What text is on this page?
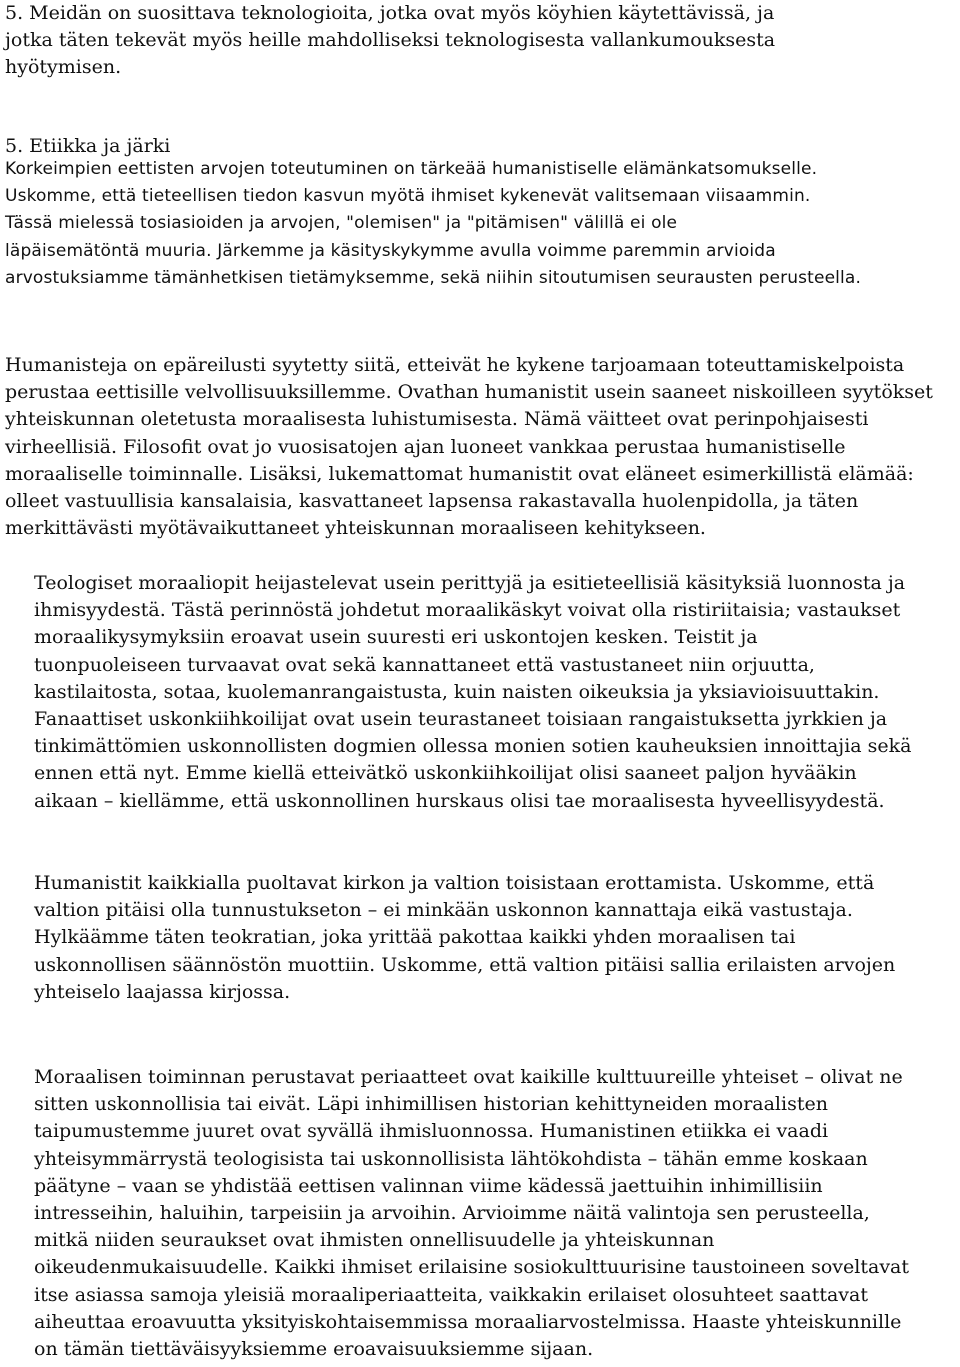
5. Meidän on suosittava teknologioita, jotka ovat myös köyhien käytettävissä, ja
jotka täten tekevät myös heille mahdolliseksi teknologisesta vallankumouksesta
hyötymisen.
5. Etiikka ja järki
Korkeimpien eettisten arvojen toteutuminen on tärkeää humanistiselle elämänkatsomukselle.
Uskomme, että tieteellisen tiedon kasvun myötä ihmiset kykenevät valitsemaan viisaammin.
Tässä mielessä tosiasioiden ja arvojen, "olemisen" ja "pitämisen" välillä ei ole
läpäisemätöntä muuria. Järkemme ja käsityskykymme avulla voimme paremmin arvioida
arvostuksiamme tämänhetkisen tietämyksemme, sekä niihin sitoutumisen seurausten perusteella.
Humanisteja on epäreilusti syytetty siitä, etteivät he kykene tarjoamaan toteuttamiskelpoista
perustaa eettisille velvollisuuksillemme. Ovathan humanistit usein saaneet niskoilleen syytökset
yhteiskunnan oletetusta moraalisesta luhistumisesta. Nämä väitteet ovat perinpohjaisesti
virheellisiä. Filosofit ovat jo vuosisatojen ajan luoneet vankkaa perustaa humanistiselle
moraaliselle toiminnalle. Lisäksi, lukemattomat humanistit ovat eläneet esimerkillistä elämää:
olleet vastuullisia kansalaisia, kasvattaneet lapsensa rakastavalla huolenpidolla, ja täten
merkittävästi myötävaikuttaneet yhteiskunnan moraaliseen kehitykseen.
Teologiset moraaliopit heijastelevat usein perittyjä ja esitieteellisiä käsityksiä luonnosta ja
ihmisyydestä. Tästä perinnöstä johdetut moraalikäskyt voivat olla ristiriitaisia; vastaukset
moraalikysymyksiin eroavat usein suuresti eri uskontojen kesken. Teistit ja
tuonpuoleiseen turvaavat ovat sekä kannattaneet että vastustaneet niin orjuutta,
kastilaitosta, sotaa, kuolemanrangaistusta, kuin naisten oikeuksia ja yksiavioisuuttakin.
Fanaattiset uskonkiihkoilijat ovat usein teurastaneet toisiaan rangaistuksetta jyrkkien ja
tinkimättömien uskonnollisten dogmien ollessa monien sotien kauheuksien innoittajia sekä
ennen että nyt. Emme kiellä etteivätkö uskonkiihkoilijat olisi saaneet paljon hyvääkin
aikaan – kiellämme, että uskonnollinen hurskaus olisi tae moraalisesta hyveellisyydestä.
Humanistit kaikkialla puoltavat kirkon ja valtion toisistaan erottamista. Uskomme, että
valtion pitäisi olla tunnustukseton – ei minkään uskonnon kannattaja eikä vastustaja.
Hylkäämme täten teokratian, joka yrittää pakottaa kaikki yhden moraalisen tai
uskonnollisen säännöstön muottiin. Uskomme, että valtion pitäisi sallia erilaisten arvojen
yhteiselo laajassa kirjossa.
Moraalisen toiminnan perustavat periaatteet ovat kaikille kulttuureille yhteiset – olivat ne
sitten uskonnollisia tai eivät. Läpi inhimillisen historian kehittyneiden moraalisten
taipumustemme juuret ovat syvällä ihmisluonnossa. Humanistinen etiikka ei vaadi
yhteisymmärrystä teologisista tai uskonnollisista lähtökohdista – tähän emme koskaan
päätyne – vaan se yhdistää eettisen valinnan viime kädessä jaettuihin inhimillisiin
intresseihin, haluihin, tarpeisiin ja arvoihin. Arvioimme näitä valintoja sen perusteella,
mitkä niiden seuraukset ovat ihmisten onnellisuudelle ja yhteiskunnan
oikeudenmukaisuudelle. Kaikki ihmiset erilaisine sosiokulttuurisine taustoineen soveltavat
itse asiassa samoja yleisiä moraaliperiaatteita, vaikkakin erilaiset olosuhteet saattavat
aiheuttaa eroavuutta yksityiskohtaisemmissa moraaliarvostelmissa. Haaste yhteiskunnille
on tämän tiettäväisyyksiemme eroavaisuuksiemme sijaan.
